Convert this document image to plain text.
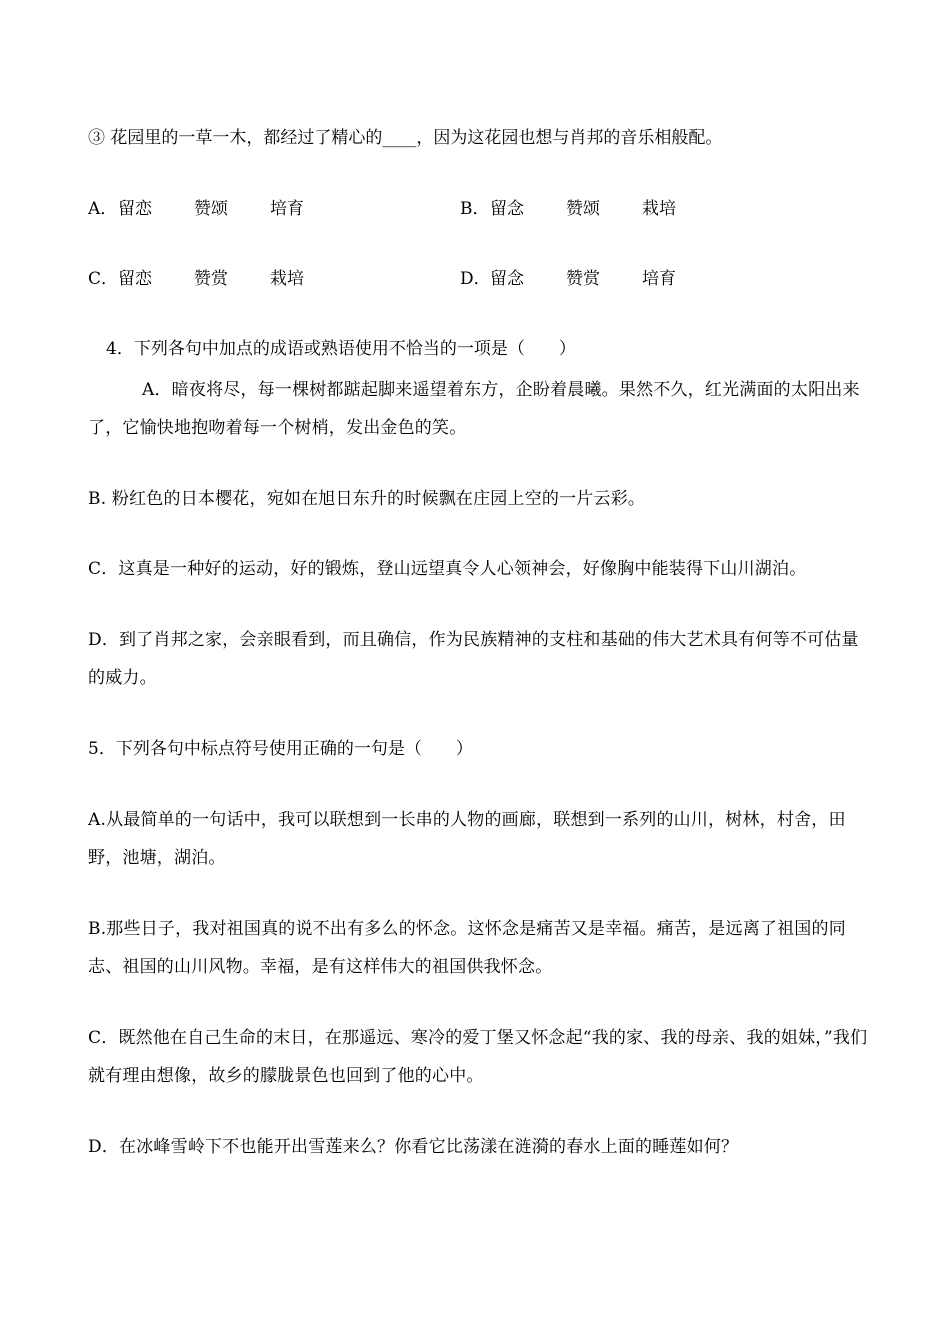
③ 花园里的一草一木，都经过了精心的____，因为这花园也想与肖邦的音乐相般配。
A．留恋 赞颂 培育	B．留念 赞颂 栽培
C．留恋 赞赏 栽培	D．留念 赞赏 培育
4．下列各句中加点的成语或熟语使用不恰当的一项是（　　）
A．暗夜将尽，每一棵树都踮起脚来遥望着东方，企盼着晨曦。果然不久，红光满面的太阳出来了，它愉快地抱吻着每一个树梢，发出金色的笑。
B. 粉红色的日本樱花，宛如在旭日东升的时候飘在庄园上空的一片云彩。
C．这真是一种好的运动，好的锻炼，登山远望真令人心领神会，好像胸中能装得下山川湖泊。
D．到了肖邦之家，会亲眼看到，而且确信，作为民族精神的支柱和基础的伟大艺术具有何等不可估量的威力。
5．下列各句中标点符号使用正确的一句是（　　）
A.从最简单的一句话中，我可以联想到一长串的人物的画廊，联想到一系列的山川，树林，村舍，田野，池塘，湖泊。
B.那些日子，我对祖国真的说不出有多么的怀念。这怀念是痛苦又是幸福。痛苦，是远离了祖国的同志、祖国的山川风物。幸福，是有这样伟大的祖国供我怀念。
C．既然他在自己生命的末日，在那遥远、寒冷的爱丁堡又怀念起“我的家、我的母亲、我的姐妹，”我们就有理由想像，故乡的朦胧景色也回到了他的心中。
D．在冰峰雪岭下不也能开出雪莲来么？你看它比荡漾在涟漪的春水上面的睡莲如何？
